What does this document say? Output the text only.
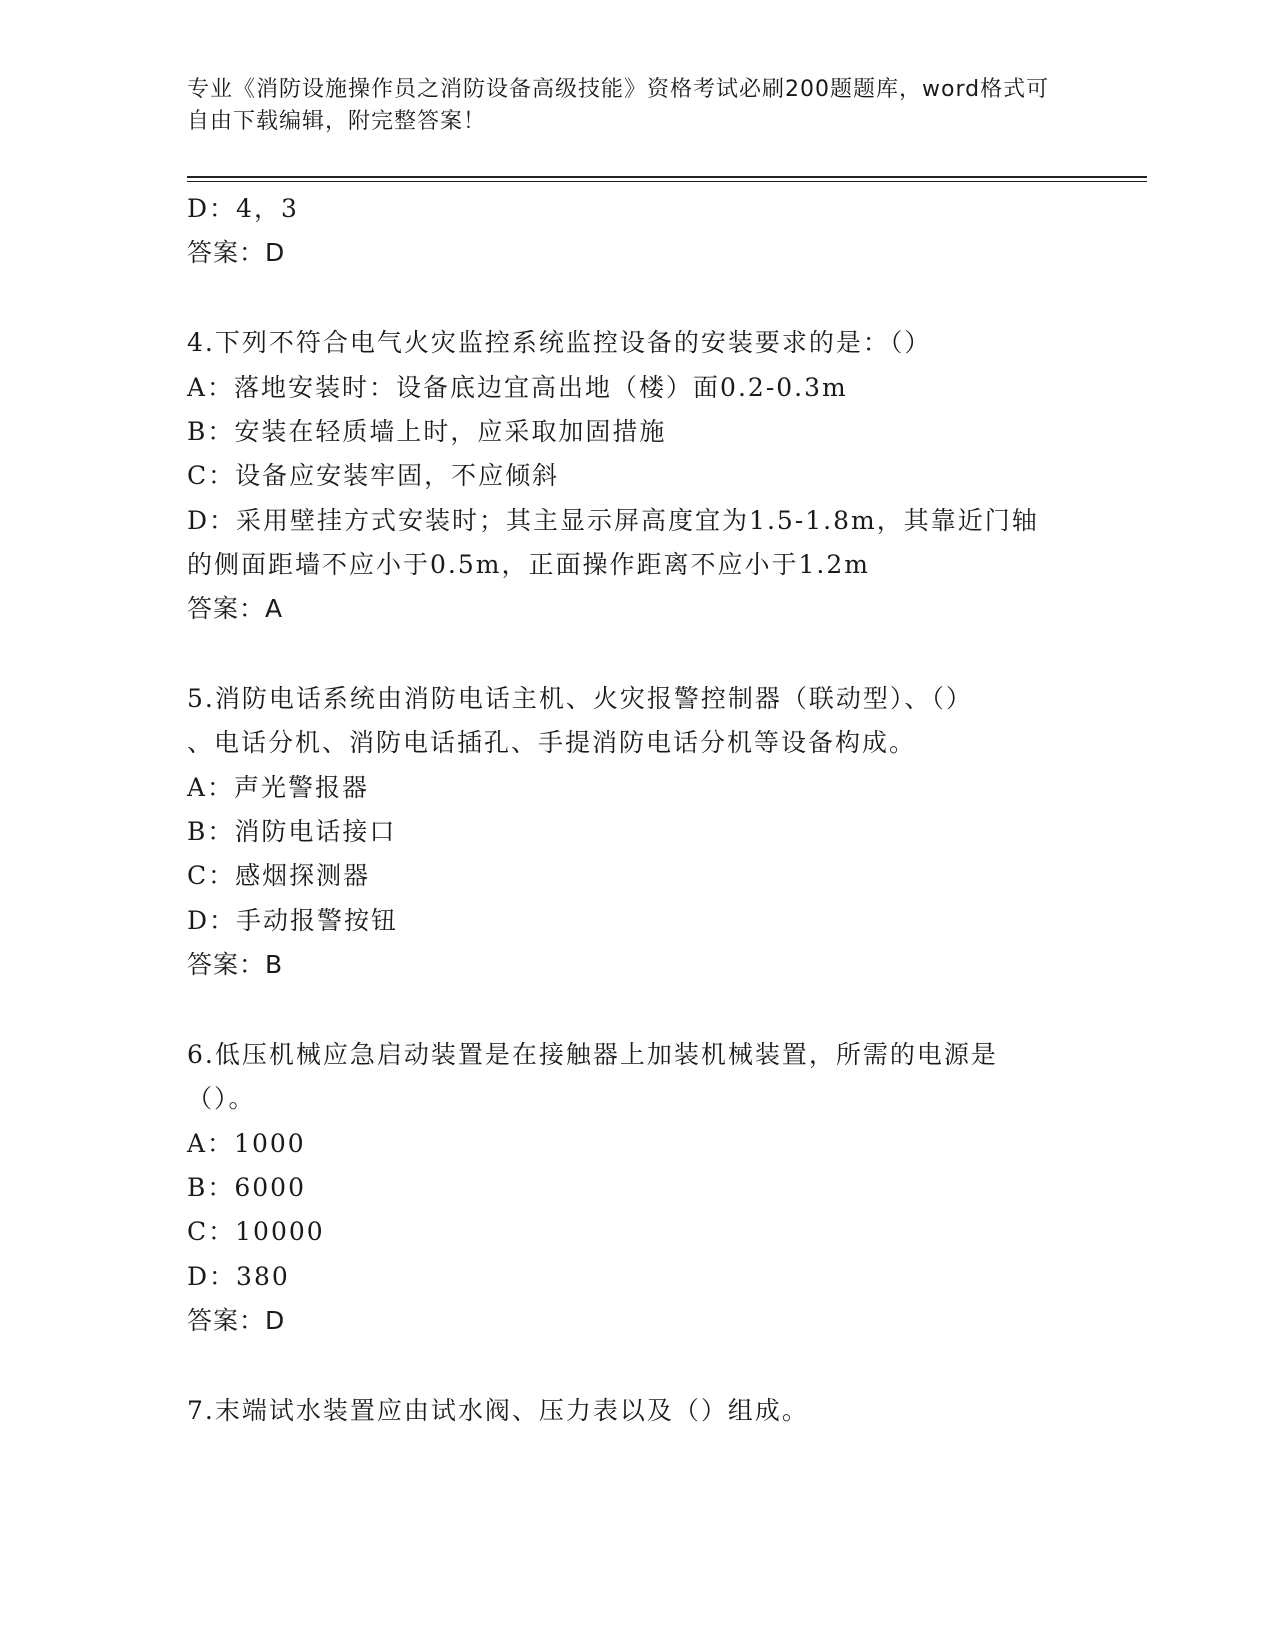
专业《消防设施操作员之消防设备高级技能》资格考试必刷200题题库，word格式可自由下载编辑，附完整答案！
D：4，3
答案：D
4.下列不符合电气火灾监控系统监控设备的安装要求的是：（）
A：落地安装时：设备底边宜高出地（楼）面0.2-0.3m
B：安装在轻质墙上时，应采取加固措施
C：设备应安装牢固，不应倾斜
D：采用壁挂方式安装时；其主显示屏高度宜为1.5-1.8m，其靠近门轴
的侧面距墙不应小于0.5m，正面操作距离不应小于1.2m
答案：A
5.消防电话系统由消防电话主机、火灾报警控制器（联动型）、（）
、电话分机、消防电话插孔、手提消防电话分机等设备构成。
A：声光警报器
B：消防电话接口
C：感烟探测器
D：手动报警按钮
答案：B
6.低压机械应急启动装置是在接触器上加装机械装置，所需的电源是
（）。
A：1000
B：6000
C：10000
D：380
答案：D
7.末端试水装置应由试水阀、压力表以及（）组成。
